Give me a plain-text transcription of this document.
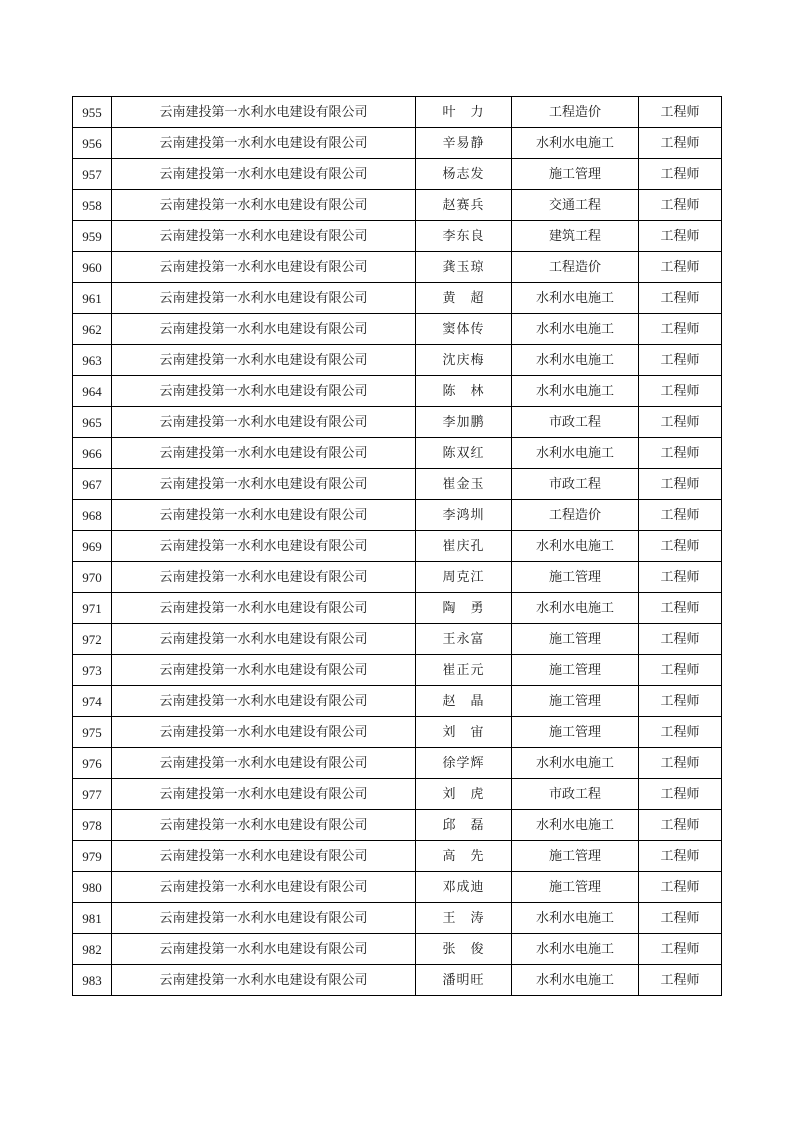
955	云南建投第一水利水电建设有限公司	叶　力	工程造价	工程师
956	云南建投第一水利水电建设有限公司	辛易静	水利水电施工	工程师
957	云南建投第一水利水电建设有限公司	杨志发	施工管理	工程师
958	云南建投第一水利水电建设有限公司	赵赛兵	交通工程	工程师
959	云南建投第一水利水电建设有限公司	李东良	建筑工程	工程师
960	云南建投第一水利水电建设有限公司	龚玉琼	工程造价	工程师
961	云南建投第一水利水电建设有限公司	黄　超	水利水电施工	工程师
962	云南建投第一水利水电建设有限公司	窦体传	水利水电施工	工程师
963	云南建投第一水利水电建设有限公司	沈庆梅	水利水电施工	工程师
964	云南建投第一水利水电建设有限公司	陈　林	水利水电施工	工程师
965	云南建投第一水利水电建设有限公司	李加鹏	市政工程	工程师
966	云南建投第一水利水电建设有限公司	陈双红	水利水电施工	工程师
967	云南建投第一水利水电建设有限公司	崔金玉	市政工程	工程师
968	云南建投第一水利水电建设有限公司	李鸿圳	工程造价	工程师
969	云南建投第一水利水电建设有限公司	崔庆孔	水利水电施工	工程师
970	云南建投第一水利水电建设有限公司	周克江	施工管理	工程师
971	云南建投第一水利水电建设有限公司	陶　勇	水利水电施工	工程师
972	云南建投第一水利水电建设有限公司	王永富	施工管理	工程师
973	云南建投第一水利水电建设有限公司	崔正元	施工管理	工程师
974	云南建投第一水利水电建设有限公司	赵　晶	施工管理	工程师
975	云南建投第一水利水电建设有限公司	刘　宙	施工管理	工程师
976	云南建投第一水利水电建设有限公司	徐学辉	水利水电施工	工程师
977	云南建投第一水利水电建设有限公司	刘　虎	市政工程	工程师
978	云南建投第一水利水电建设有限公司	邱　磊	水利水电施工	工程师
979	云南建投第一水利水电建设有限公司	高　先	施工管理	工程师
980	云南建投第一水利水电建设有限公司	邓成迪	施工管理	工程师
981	云南建投第一水利水电建设有限公司	王　涛	水利水电施工	工程师
982	云南建投第一水利水电建设有限公司	张　俊	水利水电施工	工程师
983	云南建投第一水利水电建设有限公司	潘明旺	水利水电施工	工程师
